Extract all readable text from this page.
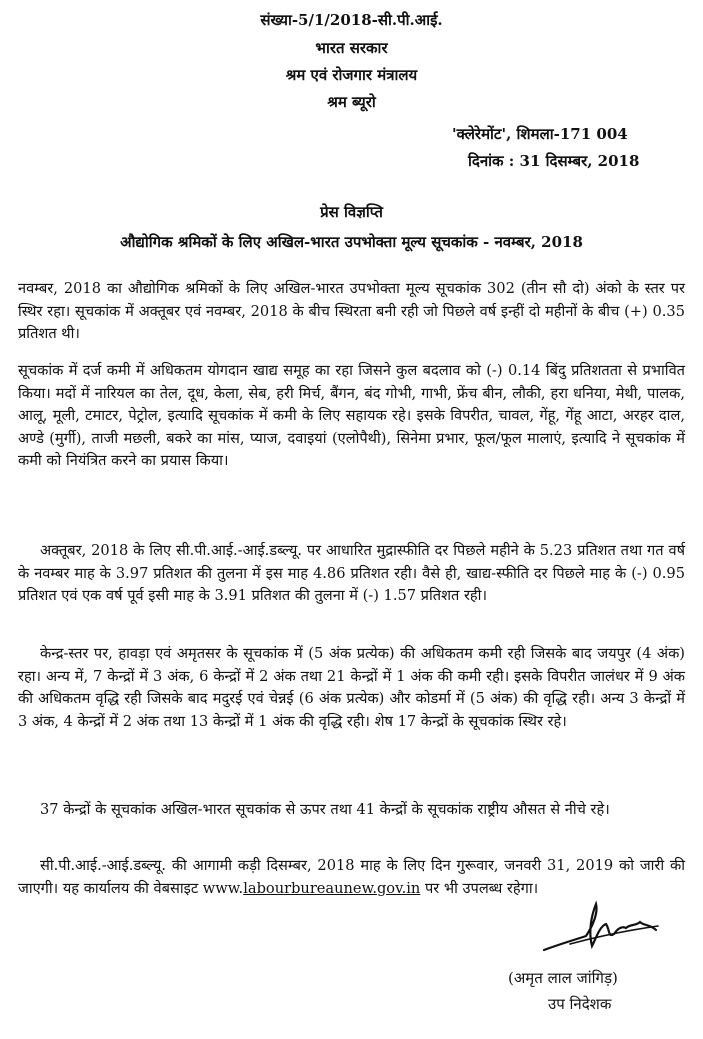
संख्या-5/1/2018-सी.पी.आई.
भारत सरकार
श्रम एवं रोजगार मंत्रालय
श्रम ब्यूरो
'क्लेरेमोंट', शिमला-171 004
दिनांक : 31 दिसम्बर, 2018
प्रेस विज्ञप्ति
औद्योगिक श्रमिकों के लिए अखिल-भारत उपभोक्ता मूल्य सूचकांक - नवम्बर, 2018
नवम्बर, 2018 का औद्योगिक श्रमिकों के लिए अखिल-भारत उपभोक्ता मूल्य सूचकांक 302 (तीन सौ दो) अंको के स्तर पर स्थिर रहा। सूचकांक में अक्तूबर एवं नवम्बर, 2018 के बीच स्थिरता बनी रही जो पिछले वर्ष इन्हीं दो महीनों के बीच (+) 0.35 प्रतिशत थी।
सूचकांक में दर्ज कमी में अधिकतम योगदान खाद्य समूह का रहा जिसने कुल बदलाव को (-) 0.14 बिंदु प्रतिशतता से प्रभावित किया। मदों में नारियल का तेल, दूध, केला, सेब, हरी मिर्च, बैंगन, बंद गोभी, गाभी, फ्रेंच बीन, लौकी, हरा धनिया, मेथी, पालक, आलू, मूली, टमाटर, पेट्रोल, इत्यादि सूचकांक में कमी के लिए सहायक रहे। इसके विपरीत, चावल, गेंहू, गेंहू आटा, अरहर दाल, अण्डे (मुर्गी), ताजी मछली, बकरे का मांस, प्याज, दवाइयां (एलोपैथी), सिनेमा प्रभार, फूल/फूल मालाएं, इत्यादि ने सूचकांक में कमी को नियंत्रित करने का प्रयास किया।
अक्तूबर, 2018 के लिए सी.पी.आई.-आई.डब्ल्यू. पर आधारित मुद्रास्फीति दर पिछले महीने के 5.23 प्रतिशत तथा गत वर्ष के नवम्बर माह के 3.97 प्रतिशत की तुलना में इस माह 4.86 प्रतिशत रही। वैसे ही, खाद्य-स्फीति दर पिछले माह के (-) 0.95 प्रतिशत एवं एक वर्ष पूर्व इसी माह के 3.91 प्रतिशत की तुलना में (-) 1.57 प्रतिशत रही।
केन्द्र-स्तर पर, हावड़ा एवं अमृतसर के सूचकांक में (5 अंक प्रत्येक) की अधिकतम कमी रही जिसके बाद जयपुर (4 अंक) रहा। अन्य में, 7 केन्द्रों में 3 अंक, 6 केन्द्रों में 2 अंक तथा 21 केन्द्रों में 1 अंक की कमी रही। इसके विपरीत जालंधर में 9 अंक की अधिकतम वृद्धि रही जिसके बाद मदुरई एवं चेन्नई (6 अंक प्रत्येक) और कोडर्मा में (5 अंक) की वृद्धि रही। अन्य 3 केन्द्रों में 3 अंक, 4 केन्द्रों में 2 अंक तथा 13 केन्द्रों में 1 अंक की वृद्धि रही। शेष 17 केन्द्रों के सूचकांक स्थिर रहे।
37 केन्द्रों के सूचकांक अखिल-भारत सूचकांक से ऊपर तथा 41 केन्द्रों के सूचकांक राष्ट्रीय औसत से नीचे रहे।
सी.पी.आई.-आई.डब्ल्यू. की आगामी कड़ी दिसम्बर, 2018 माह के लिए दिन गुरूवार, जनवरी 31, 2019 को जारी की जाएगी। यह कार्यालय की वेबसाइट www.labourbureaunew.gov.in पर भी उपलब्ध रहेगा।
(अमृत लाल जांगिड़)
उप निदेशक
